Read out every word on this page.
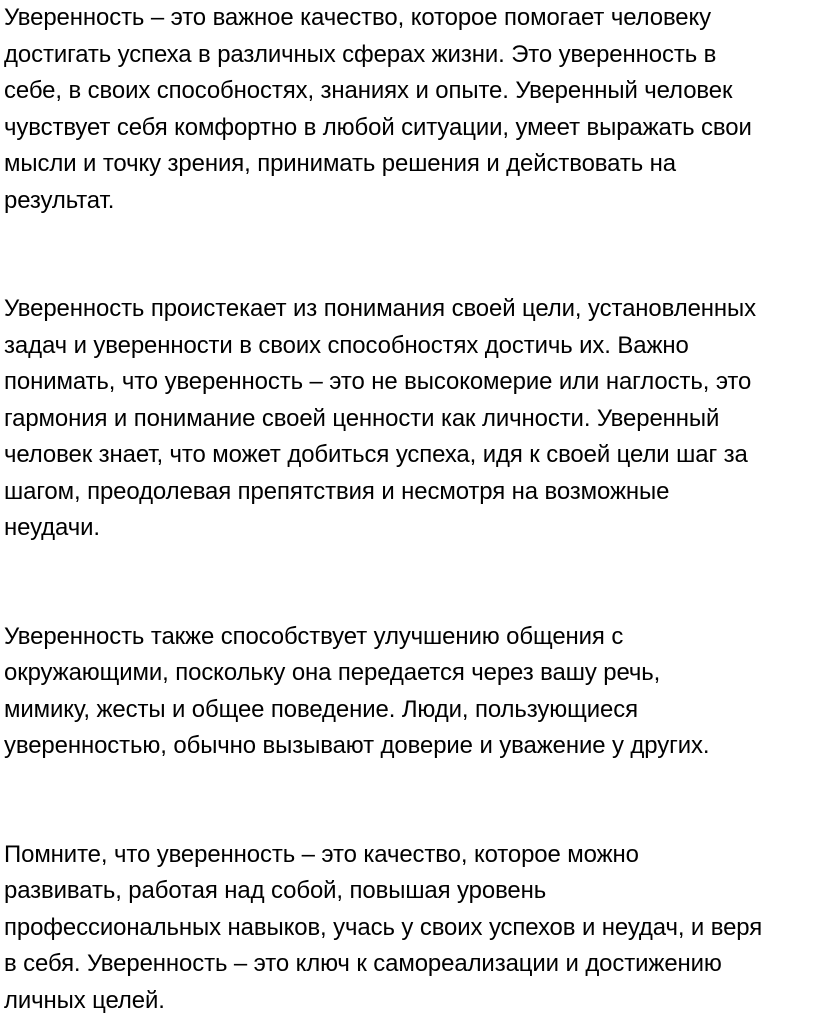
Уверенность – это важное качество, которое помогает человеку
достигать успеха в различных сферах жизни. Это уверенность в
себе, в своих способностях, знаниях и опыте. Уверенный человек
чувствует себя комфортно в любой ситуации, умеет выражать свои
мысли и точку зрения, принимать решения и действовать на
результат.

Уверенность проистекает из понимания своей цели, установленных
задач и уверенности в своих способностях достичь их. Важно
понимать, что уверенность – это не высокомерие или наглость, это
гармония и понимание своей ценности как личности. Уверенный
человек знает, что может добиться успеха, идя к своей цели шаг за
шагом, преодолевая препятствия и несмотря на возможные
неудачи.

Уверенность также способствует улучшению общения с
окружающими, поскольку она передается через вашу речь,
мимику, жесты и общее поведение. Люди, пользующиеся
уверенностью, обычно вызывают доверие и уважение у других.

Помните, что уверенность – это качество, которое можно
развивать, работая над собой, повышая уровень
профессиональных навыков, учась у своих успехов и неудач, и веря
в себя. Уверенность – это ключ к самореализации и достижению
личных целей.
